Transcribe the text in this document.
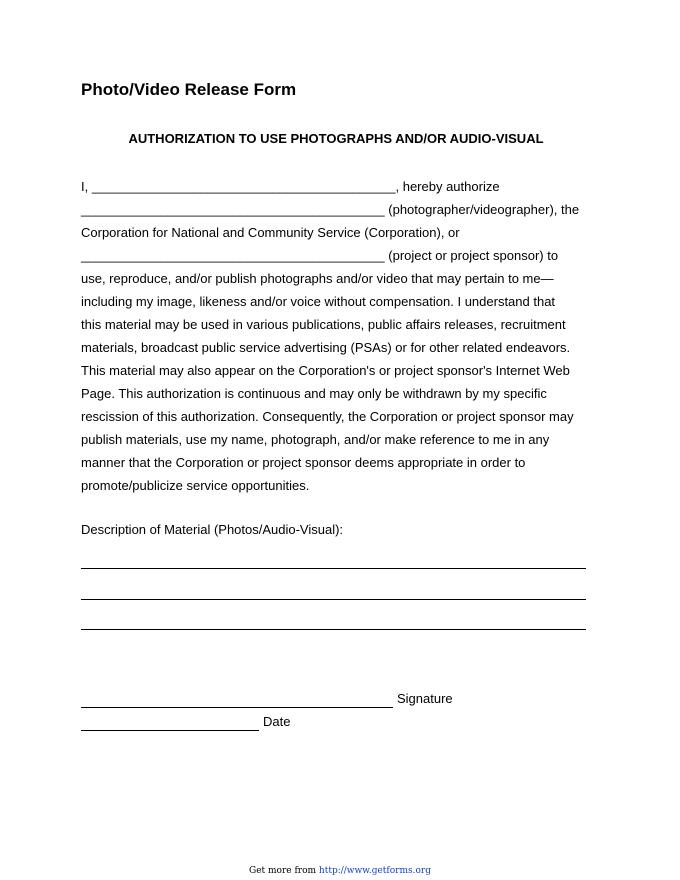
Photo/Video Release Form
AUTHORIZATION TO USE PHOTOGRAPHS AND/OR AUDIO-VISUAL
I, __________________________________________, hereby authorize
__________________________________________ (photographer/videographer), the
Corporation for National and Community Service (Corporation), or
__________________________________________ (project or project sponsor) to
use, reproduce, and/or publish photographs and/or video that may pertain to me—
including my image, likeness and/or voice without compensation. I understand that
this material may be used in various publications, public affairs releases, recruitment
materials, broadcast public service advertising (PSAs) or for other related endeavors.
This material may also appear on the Corporation's or project sponsor's Internet Web
Page. This authorization is continuous and may only be withdrawn by my specific
rescission of this authorization. Consequently, the Corporation or project sponsor may
publish materials, use my name, photograph, and/or make reference to me in any
manner that the Corporation or project sponsor deems appropriate in order to
promote/publicize service opportunities.
Description of Material (Photos/Audio-Visual):
Signature
Date
Get more from http://www.getforms.org
